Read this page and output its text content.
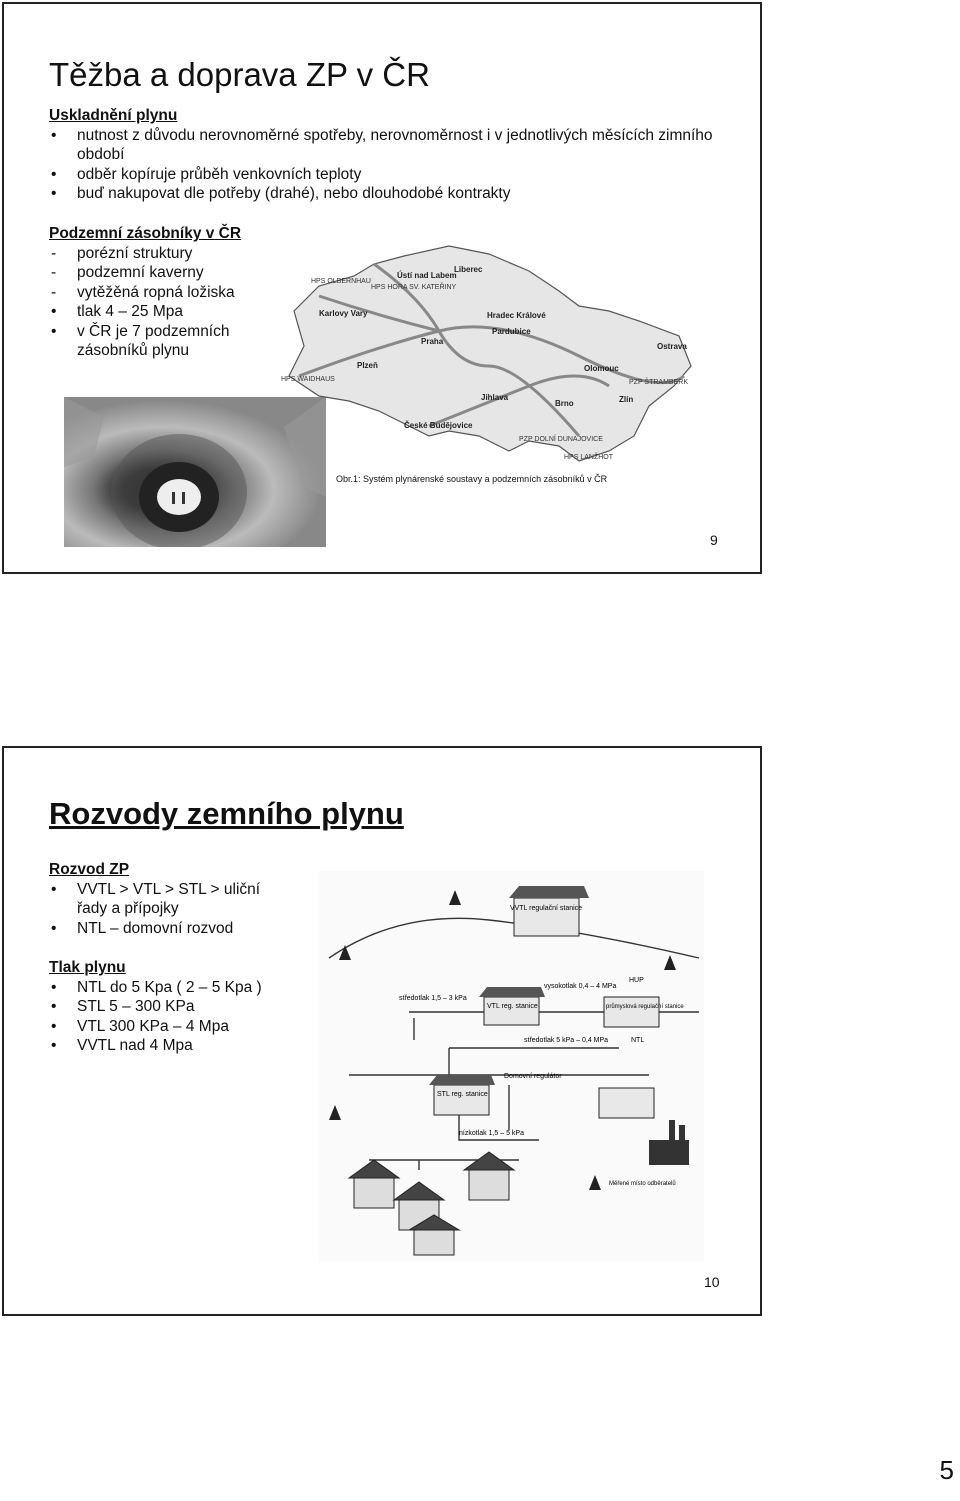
Těžba a doprava ZP v ČR
Uskladnění plynu
• nutnost z důvodu nerovnoměrné spotřeby, nerovnoměrnost i v jednotlivých měsících zimního období
• odběr kopíruje průběh venkovních teploty
• buď nakupovat dle potřeby (drahé), nebo dlouhodobé kontrakty
Podzemní zásobníky v ČR
- porézní struktury
- podzemní kaverny
- vytěžěná ropná ložiska
• tlak 4 – 25 Mpa
• v ČR je 7 podzemních zásobníků plynu
HPS OLBERNHAU
HPS HORA SV. KATEŘINY
HPS WAIDHAUS	PZP ŠTRAMBERK
HPS LANŽHOT
PZP DOLNÍ DUNAJOVICE
Liberec
Ústí nad Labem
Karlovy Vary	Hradec Králové
Praha
Pardubice
Plzeň	Olomouc
Ostrava
Jihlava
Brno	Zlín
České Budějovice
Obr.1: Systém plynárenské soustavy a podzemních zásobníků v ČR
9
Rozvody zemního plynu
Rozvod ZP
• VVTL > VTL > STL > uliční řady a přípojky
• NTL – domovní rozvod
Tlak plynu
• NTL do 5 Kpa ( 2 – 5 Kpa )
• STL 5 – 300 KPa
• VTL 300 KPa – 4 Mpa
• VVTL nad 4 Mpa
VVTL regulační stanice
vysokotlak 0,4 – 4 MPa
středotlak 1,5 – 3 kPa
VTL reg. stanice	průmyslová regulační stanice
středotlak 5 kPa – 0,4 MPa
HUP
NTL
STL reg. stanice
Domovní regulátor
nízkotlak 1,5 – 5 kPa
Měřené místo odběratelů
10
5
